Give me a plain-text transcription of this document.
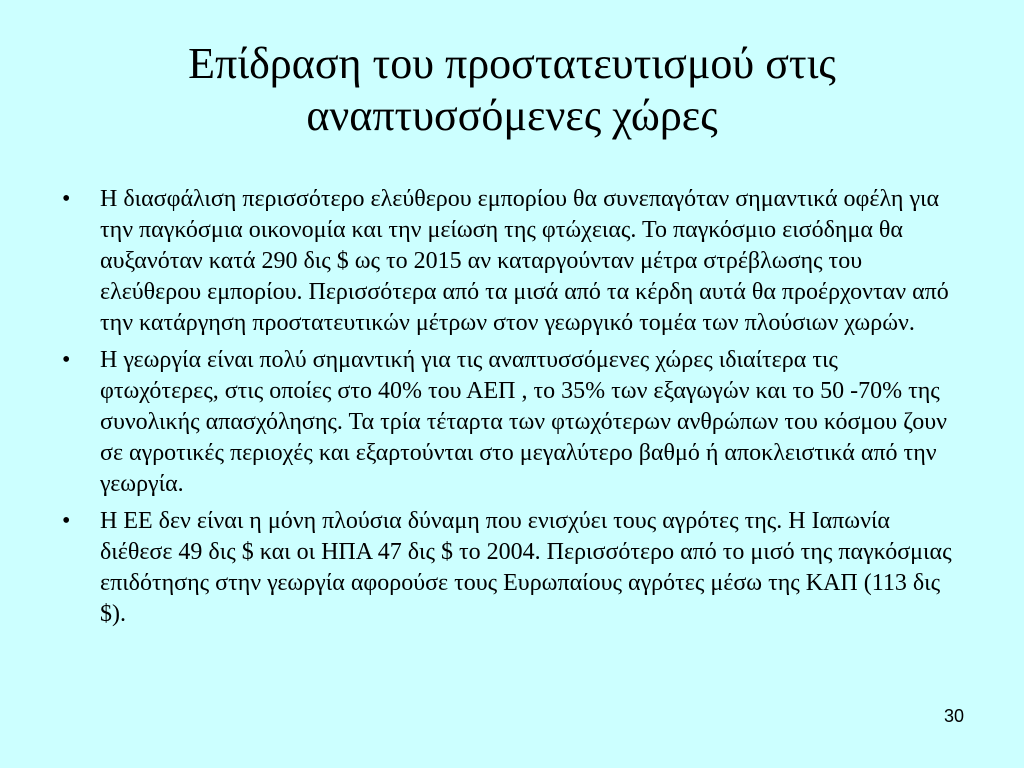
Επίδραση του προστατευτισμού στις
αναπτυσσόμενες χώρες
• Η διασφάλιση περισσότερο ελεύθερου εμπορίου θα συνεπαγόταν σημαντικά οφέλη για την παγκόσμια οικονομία και την μείωση της φτώχειας. Το παγκόσμιο εισόδημα θα αυξανόταν κατά 290 δις $ ως το 2015 αν καταργούνταν μέτρα στρέβλωσης του ελεύθερου εμπορίου. Περισσότερα από τα μισά από τα κέρδη αυτά θα προέρχονταν από την κατάργηση προστατευτικών μέτρων στον γεωργικό τομέα των πλούσιων χωρών.
• Η γεωργία είναι πολύ σημαντική για τις αναπτυσσόμενες χώρες ιδιαίτερα τις φτωχότερες, στις οποίες στο 40% του ΑΕΠ , το 35% των εξαγωγών και το 50 -70% της συνολικής απασχόλησης. Τα τρία τέταρτα των φτωχότερων ανθρώπων του κόσμου ζουν σε αγροτικές περιοχές και εξαρτούνται στο μεγαλύτερο βαθμό ή αποκλειστικά από την γεωργία.
• Η ΕΕ δεν είναι η μόνη πλούσια δύναμη που ενισχύει τους αγρότες της. Η Ιαπωνία διέθεσε 49 δις $ και οι ΗΠΑ 47 δις $ το 2004. Περισσότερο από το μισό της παγκόσμιας επιδότησης στην γεωργία αφορούσε τους Ευρωπαίους αγρότες μέσω της ΚΑΠ (113 δις $).
30
